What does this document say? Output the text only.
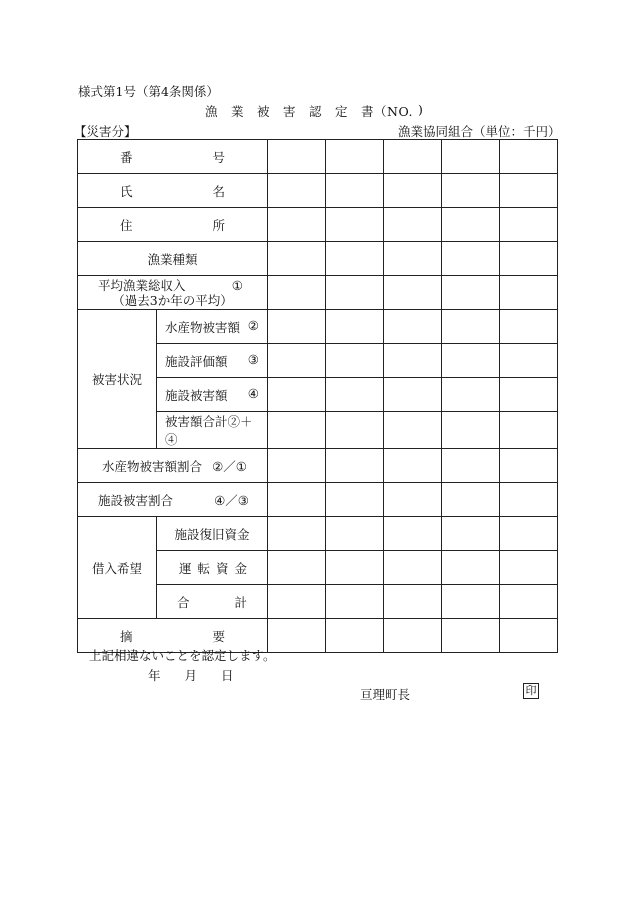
様式第1号（第4条関係）
漁　業　被　害　認　定　書（NO. )
【災害分】	漁業協同組合（単位：千円）
番 号						

氏 名						

住 所						

漁業種類						

平均漁業総収入 ①
（過去3か年の平均）						

被害状況	水産物被害額 ②					

	施設評価額 ③					

	施設被害額 ④					

	被害額合計②＋④					

水産物被害額割合 ②／①						

施設被害割合 ④／③						

借入希望	施設復旧資金					

	運 転 資 金					

	合 計					

摘 要						

上記相違ないことを認定します。
年 月 日
亘理町長	印
